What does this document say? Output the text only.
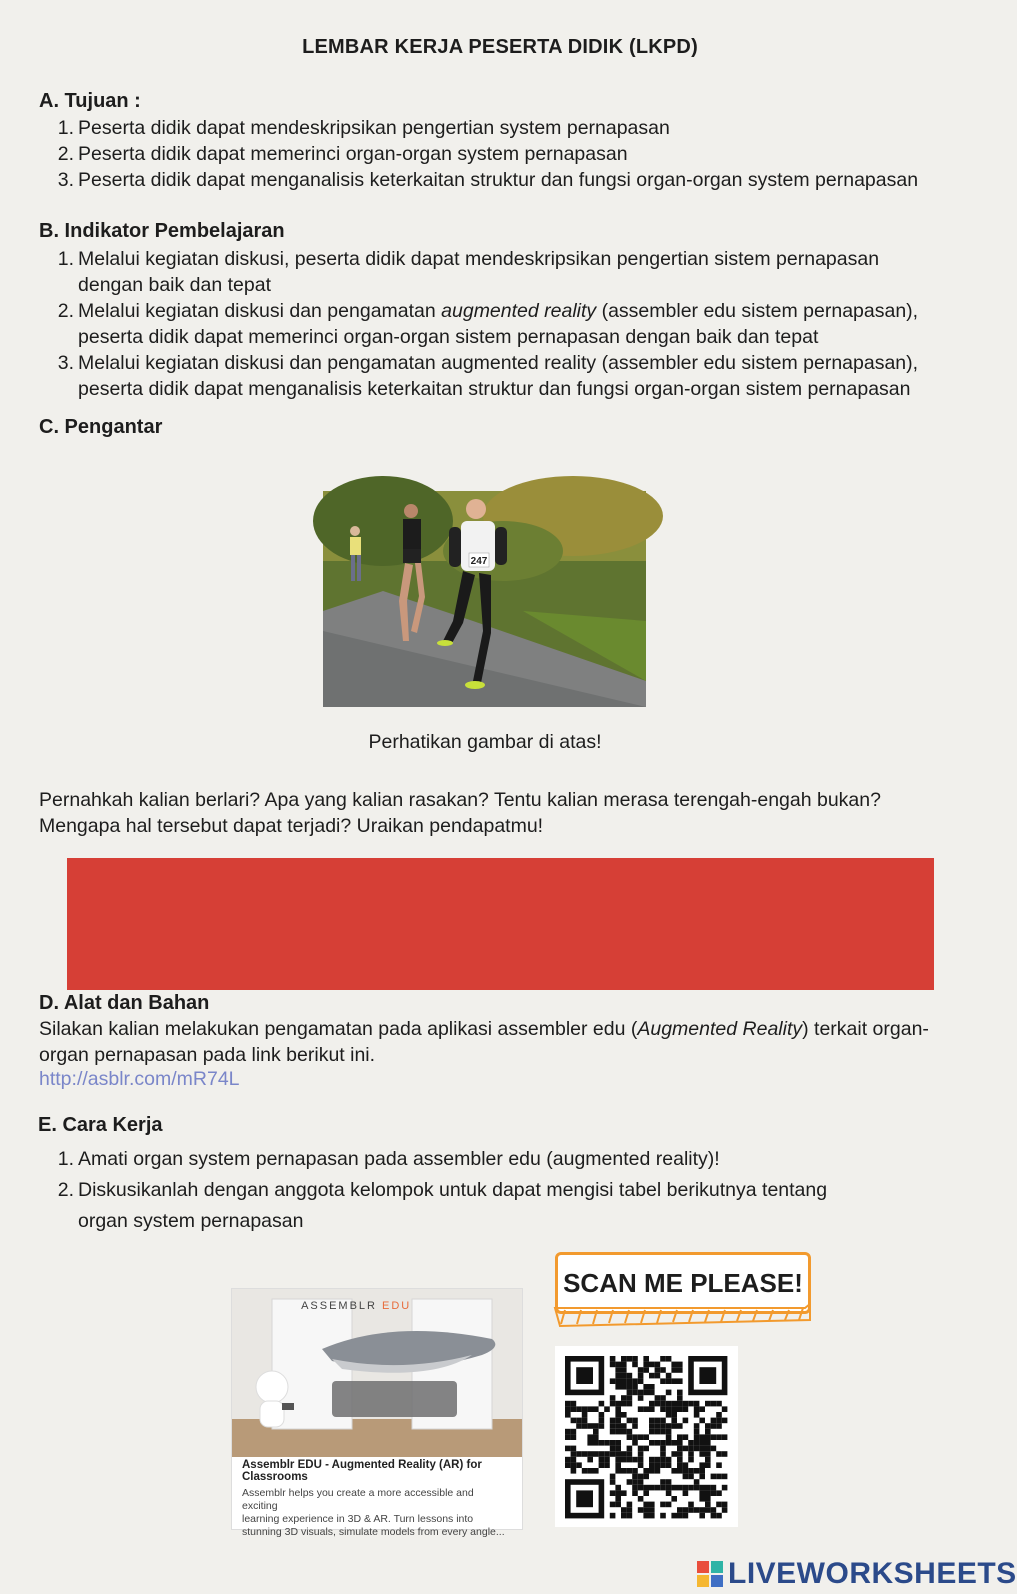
LEMBAR KERJA PESERTA DIDIK (LKPD)
A. Tujuan :
1. Peserta didik dapat mendeskripsikan pengertian system pernapasan
2. Peserta didik dapat memerinci organ-organ system pernapasan
3. Peserta didik dapat menganalisis keterkaitan struktur dan fungsi organ-organ system pernapasan
B. Indikator Pembelajaran
1. Melalui kegiatan diskusi, peserta didik dapat mendeskripsikan pengertian sistem pernapasan
dengan baik dan tepat
2. Melalui kegiatan diskusi dan pengamatan augmented reality (assembler edu sistem pernapasan),
peserta didik dapat memerinci organ-organ sistem pernapasan dengan baik dan tepat
3. Melalui kegiatan diskusi dan pengamatan augmented reality (assembler edu sistem pernapasan),
peserta didik dapat menganalisis keterkaitan struktur dan fungsi organ-organ sistem pernapasan
C. Pengantar
247
Perhatikan gambar di atas!
Pernahkah kalian berlari? Apa yang kalian rasakan? Tentu kalian merasa terengah-engah bukan?
Mengapa hal tersebut dapat terjadi? Uraikan pendapatmu!
D. Alat dan Bahan
Silakan kalian melakukan pengamatan pada aplikasi assembler edu (Augmented Reality) terkait organ-
organ pernapasan pada link berikut ini.
http://asblr.com/mR74L
E. Cara Kerja
1. Amati organ system pernapasan pada assembler edu (augmented reality)!
2. Diskusikanlah dengan anggota kelompok untuk dapat mengisi tabel berikutnya tentang
organ system pernapasan
ASSEMBLR EDU
Assemblr EDU - Augmented Reality (AR) for
Classrooms
Assemblr helps you create a more accessible and exciting
learning experience in 3D & AR. Turn lessons into
stunning 3D visuals, simulate models from every angle...
SCAN ME PLEASE!
LIVEWORKSHEETS
